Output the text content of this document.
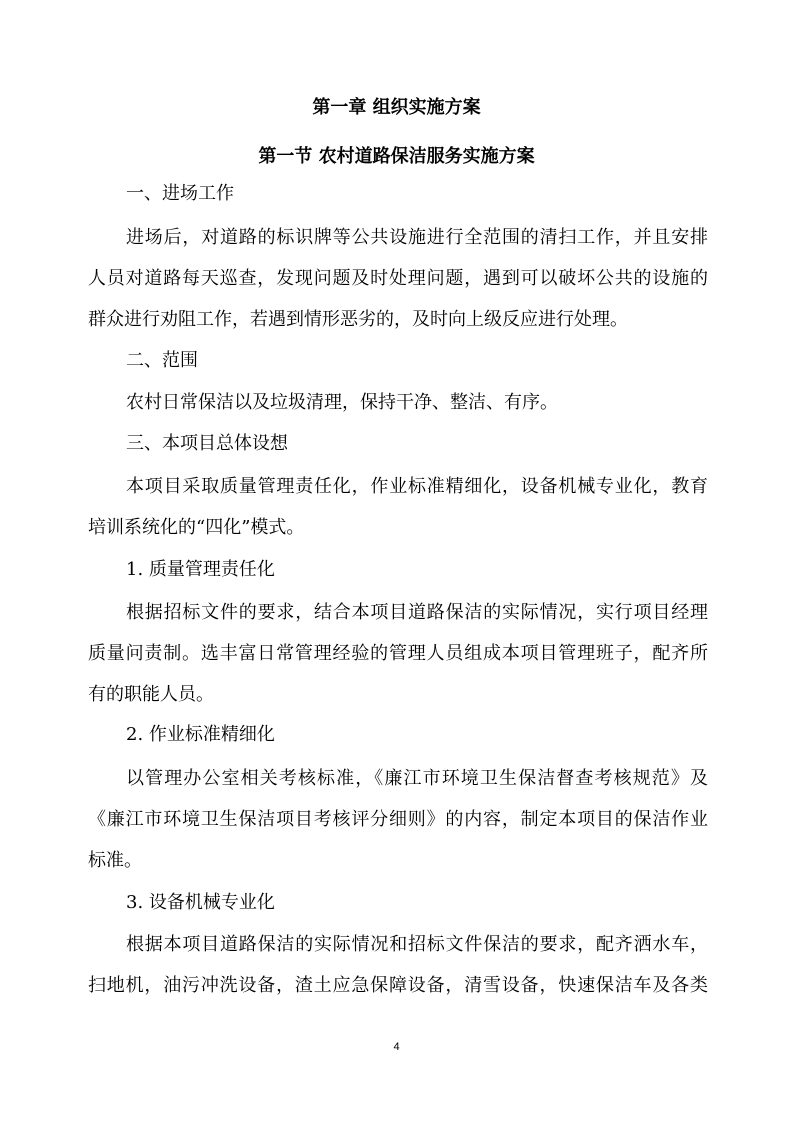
第一章 组织实施方案
第一节 农村道路保洁服务实施方案
一、进场工作
进场后，对道路的标识牌等公共设施进行全范围的清扫工作，并且安排
人员对道路每天巡查，发现问题及时处理问题，遇到可以破坏公共的设施的
群众进行劝阻工作，若遇到情形恶劣的，及时向上级反应进行处理。
二、范围
农村日常保洁以及垃圾清理，保持干净、整洁、有序。
三、本项目总体设想
本项目采取质量管理责任化，作业标准精细化，设备机械专业化，教育
培训系统化的“四化”模式。
1. 质量管理责任化
根据招标文件的要求，结合本项目道路保洁的实际情况，实行项目经理
质量问责制。选丰富日常管理经验的管理人员组成本项目管理班子，配齐所
有的职能人员。
2. 作业标准精细化
以管理办公室相关考核标准，《廉江市环境卫生保洁督查考核规范》及
《廉江市环境卫生保洁项目考核评分细则》的内容，制定本项目的保洁作业
标准。
3. 设备机械专业化
根据本项目道路保洁的实际情况和招标文件保洁的要求，配齐洒水车，
扫地机，油污冲洗设备，渣土应急保障设备，清雪设备，快速保洁车及各类
4
